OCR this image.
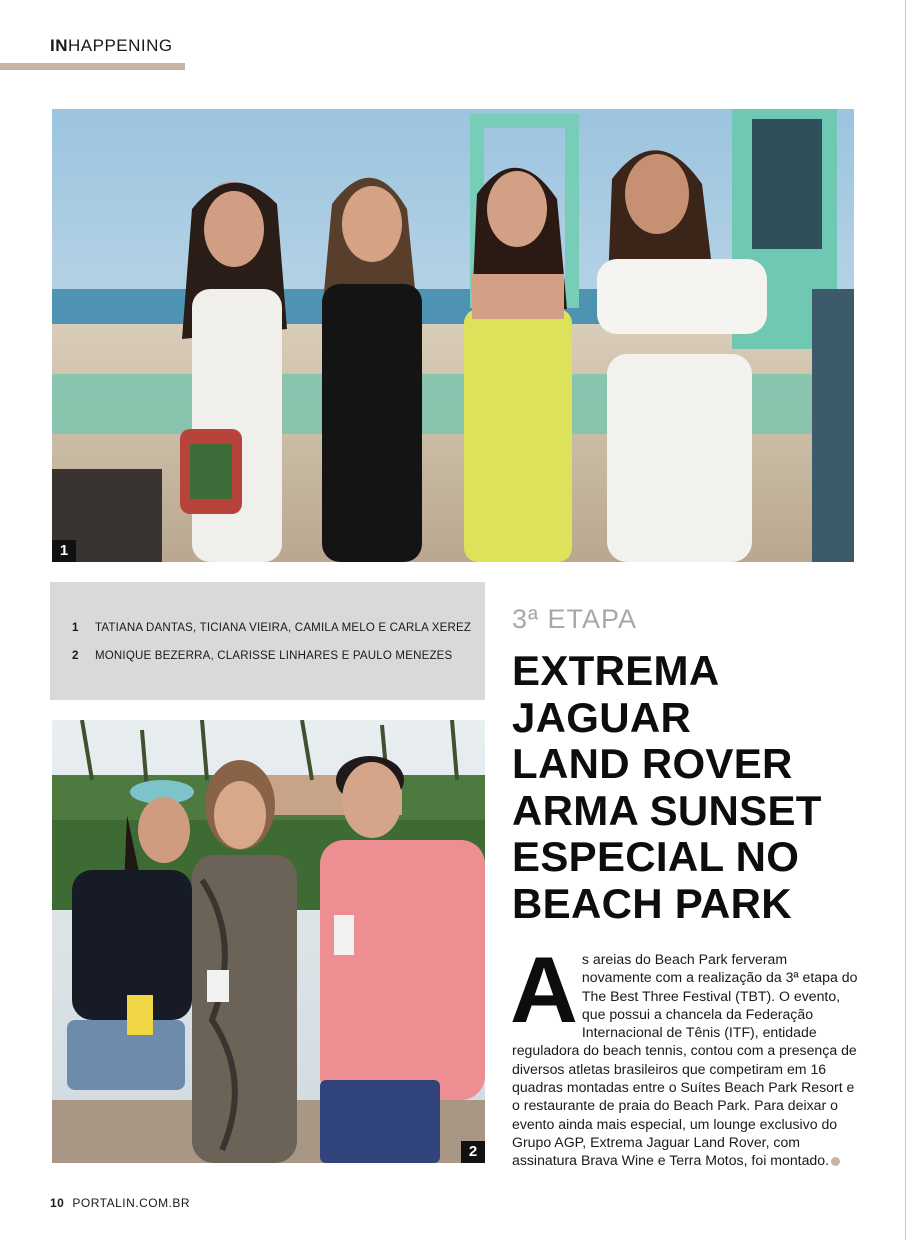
INHAPPENING
1
1 TATIANA DANTAS, TICIANA VIEIRA, CAMILA MELO E CARLA XEREZ
2 MONIQUE BEZERRA, CLARISSE LINHARES E PAULO MENEZES
2
3ª ETAPA
EXTREMA
JAGUAR
LAND ROVER
ARMA SUNSET
ESPECIAL NO
BEACH PARK
As areias do Beach Park ferveram novamente com a realização da 3ª etapa do The Best Three Festival (TBT). O evento, que possui a chancela da Federação Internacional de Tênis (ITF), entidade reguladora do beach tennis, contou com a presença de diversos atletas brasileiros que competiram em 16 quadras montadas entre o Suítes Beach Park Resort e o restaurante de praia do Beach Park. Para deixar o evento ainda mais especial, um lounge exclusivo do Grupo AGP, Extrema Jaguar Land Rover, com assinatura Brava Wine e Terra Motos, foi montado.
10 PORTALIN.COM.BR
